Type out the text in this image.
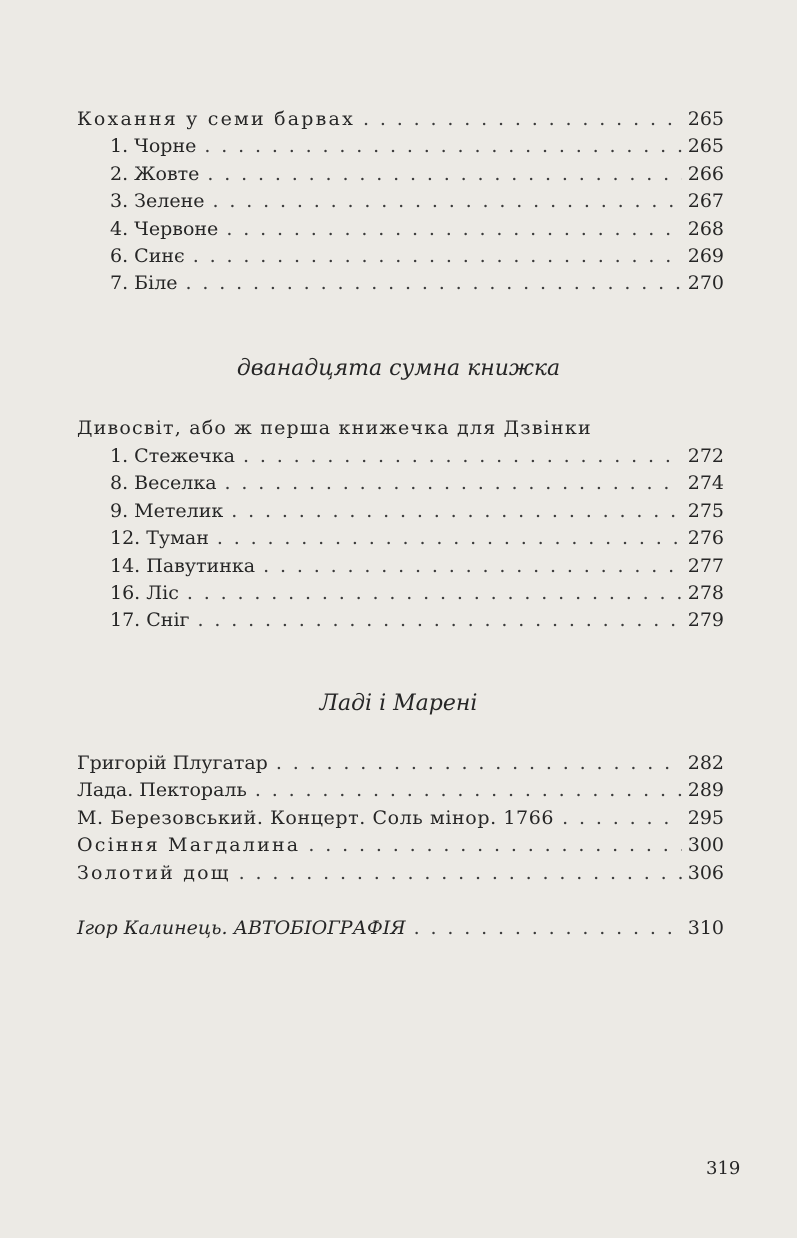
Кохання у семи барвах . . .	265
1. Чорне . . .	265
2. Жовте . . .	266
3. Зелене . . .	267
4. Червоне . . .	268
6. Синє . . .	269
7. Біле . . .	270
дванадцята сумна книжка
Дивосвіт, або ж перша книжечка для Дзвінки
1. Стежечка . . .	272
8. Веселка . . .	274
9. Метелик . . .	275
12. Туман . . .	276
14. Павутинка . . .	277
16. Ліс . . .	278
17. Сніг . . .	279
Ладі і Марені
Григорій Плугатар . . .	282
Лада. Пектораль . . .	289
М. Березовський. Концерт. Соль мінор. 1766 . . .	295
Осіння Магдалина . . .	300
Золотий дощ . . .	306
Ігор Калинець. АВТОБІОГРАФІЯ . . .	310
319
